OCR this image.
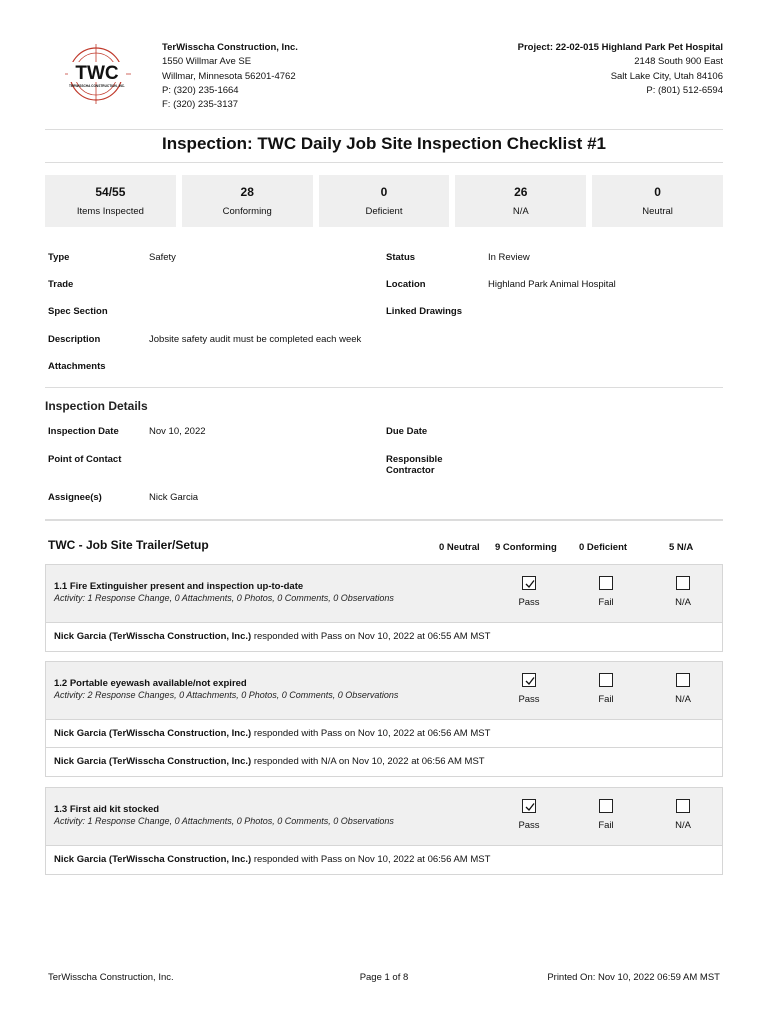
TWC
TERWISSCHA CONSTRUCTION, INC.
TerWisscha Construction, Inc.
1550 Willmar Ave SE
Willmar, Minnesota 56201-4762
P: (320) 235-1664
F: (320) 235-3137
Project: 22-02-015 Highland Park Pet Hospital
2148 South 900 East
Salt Lake City, Utah 84106
P: (801) 512-6594
Inspection: TWC Daily Job Site Inspection Checklist #1
54/55
Items Inspected
28
Conforming
0
Deficient
26
N/A
0
Neutral
Type	Safety
Trade
Spec Section
Description	Jobsite safety audit must be completed each week
Attachments
Status	In Review
Location	Highland Park Animal Hospital
Linked Drawings
Inspection Details
Inspection Date	Nov 10, 2022
Point of Contact
Assignee(s)	Nick Garcia
Due Date
Responsible
Contractor
TWC - Job Site Trailer/Setup	0 Neutral 9 Conforming 0 Deficient	5 N/A
1.1 Fire Extinguisher present and inspection up-to-date
Activity: 1 Response Change, 0 Attachments, 0 Photos, 0 Comments, 0 Observations	Pass	Fail	N/A
Nick Garcia (TerWisscha Construction, Inc.) responded with Pass on Nov 10, 2022 at 06:55 AM MST
1.2 Portable eyewash available/not expired
Activity: 2 Response Changes, 0 Attachments, 0 Photos, 0 Comments, 0 Observations	Pass	Fail	N/A
Nick Garcia (TerWisscha Construction, Inc.) responded with Pass on Nov 10, 2022 at 06:56 AM MST
Nick Garcia (TerWisscha Construction, Inc.) responded with N/A on Nov 10, 2022 at 06:56 AM MST
1.3 First aid kit stocked
Activity: 1 Response Change, 0 Attachments, 0 Photos, 0 Comments, 0 Observations	Pass	Fail	N/A
Nick Garcia (TerWisscha Construction, Inc.) responded with Pass on Nov 10, 2022 at 06:56 AM MST
TerWisscha Construction, Inc.	Page 1 of 8	Printed On: Nov 10, 2022 06:59 AM MST
